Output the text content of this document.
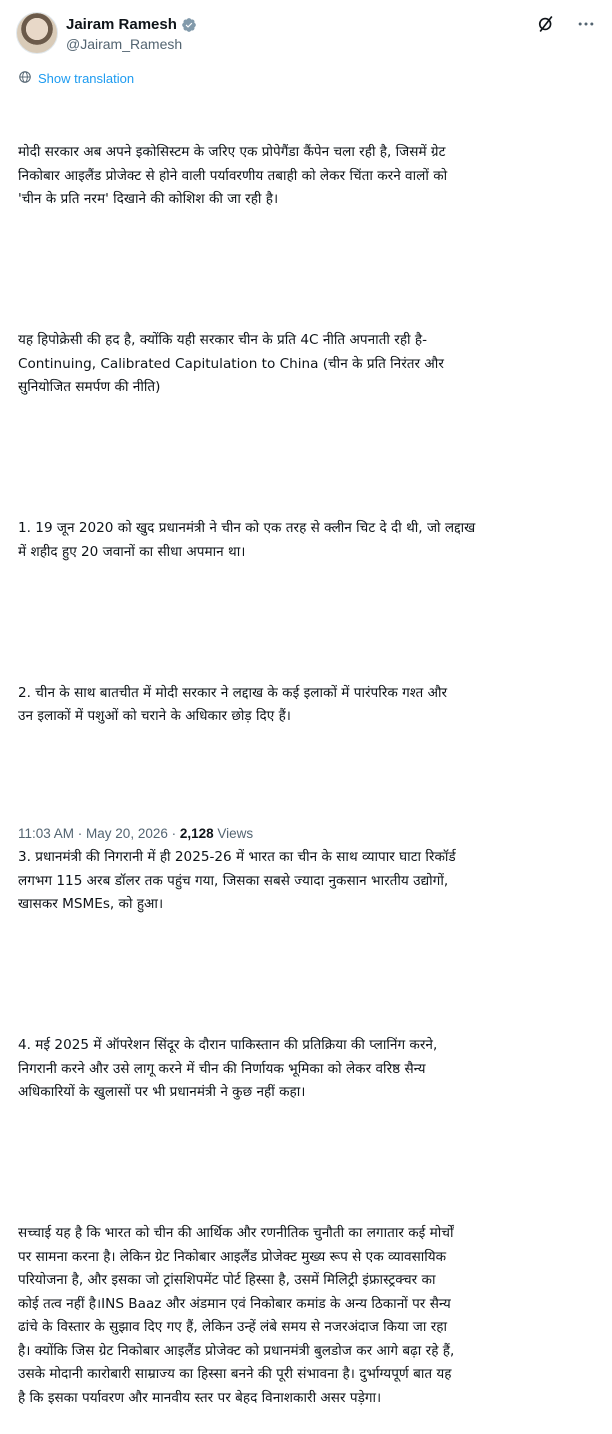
Jairam Ramesh
@Jairam_Ramesh
Show translation

मोदी सरकार अब अपने इकोसिस्टम के जरिए एक प्रोपेगैंडा कैंपेन चला रही है, जिसमें ग्रेट
निकोबार आइलैंड प्रोजेक्ट से होने वाली पर्यावरणीय तबाही को लेकर चिंता करने वालों को
'चीन के प्रति नरम' दिखाने की कोशिश की जा रही है।

यह हिपोक्रेसी की हद है, क्योंकि यही सरकार चीन के प्रति 4C नीति अपनाती रही है-
Continuing, Calibrated Capitulation to China (चीन के प्रति निरंतर और
सुनियोजित समर्पण की नीति)

1. 19 जून 2020 को खुद प्रधानमंत्री ने चीन को एक तरह से क्लीन चिट दे दी थी, जो लद्दाख
में शहीद हुए 20 जवानों का सीधा अपमान था।

2. चीन के साथ बातचीत में मोदी सरकार ने लद्दाख के कई इलाकों में पारंपरिक गश्त और
उन इलाकों में पशुओं को चराने के अधिकार छोड़ दिए हैं।

3. प्रधानमंत्री की निगरानी में ही 2025-26 में भारत का चीन के साथ व्यापार घाटा रिकॉर्ड
लगभग 115 अरब डॉलर तक पहुंच गया, जिसका सबसे ज्यादा नुकसान भारतीय उद्योगों,
खासकर MSMEs, को हुआ।

4. मई 2025 में ऑपरेशन सिंदूर के दौरान पाकिस्तान की प्रतिक्रिया की प्लानिंग करने,
निगरानी करने और उसे लागू करने में चीन की निर्णायक भूमिका को लेकर वरिष्ठ सैन्य
अधिकारियों के खुलासों पर भी प्रधानमंत्री ने कुछ नहीं कहा।

सच्चाई यह है कि भारत को चीन की आर्थिक और रणनीतिक चुनौती का लगातार कई मोर्चों
पर सामना करना है। लेकिन ग्रेट निकोबार आइलैंड प्रोजेक्ट मुख्य रूप से एक व्यावसायिक
परियोजना है, और इसका जो ट्रांसशिपमेंट पोर्ट हिस्सा है, उसमें मिलिट्री इंफ्रास्ट्रक्चर का
कोई तत्व नहीं है।INS Baaz और अंडमान एवं निकोबार कमांड के अन्य ठिकानों पर सैन्य
ढांचे के विस्तार के सुझाव दिए गए हैं, लेकिन उन्हें लंबे समय से नजरअंदाज किया जा रहा
है। क्योंकि जिस ग्रेट निकोबार आइलैंड प्रोजेक्ट को प्रधानमंत्री बुलडोज कर आगे बढ़ा रहे हैं,
उसके मोदानी कारोबारी साम्राज्य का हिस्सा बनने की पूरी संभावना है। दुर्भाग्यपूर्ण बात यह
है कि इसका पर्यावरण और मानवीय स्तर पर बेहद विनाशकारी असर पड़ेगा।

11:03 AM · May 20, 2026 · 2,128 Views
